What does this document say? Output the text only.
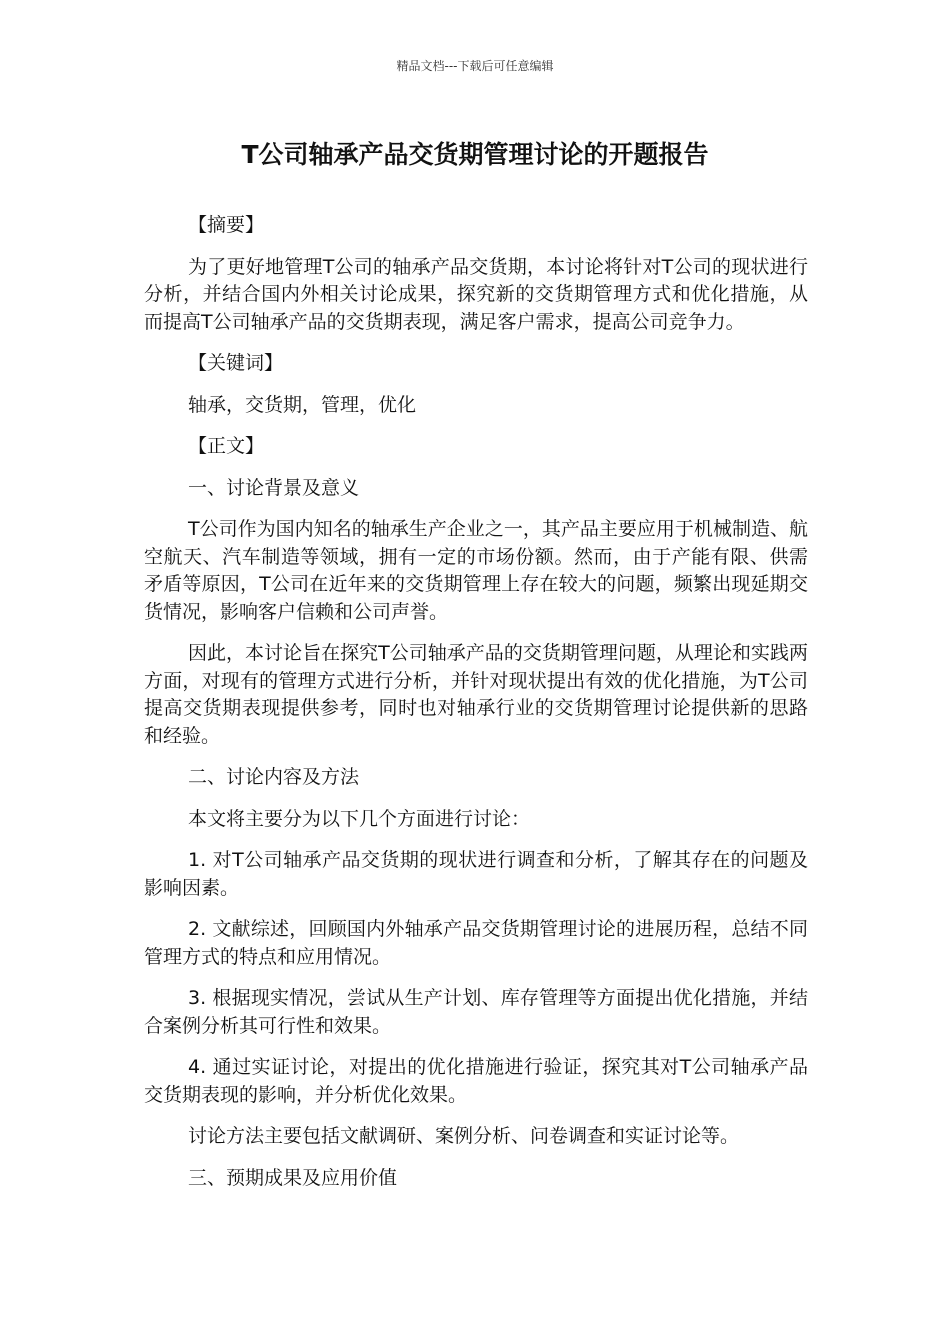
精品文档---下载后可任意编辑
T公司轴承产品交货期管理讨论的开题报告
【摘要】
为了更好地管理T公司的轴承产品交货期，本讨论将针对T公司的现状进行分析，并结合国内外相关讨论成果，探究新的交货期管理方式和优化措施，从而提高T公司轴承产品的交货期表现，满足客户需求，提高公司竞争力。
【关键词】
轴承，交货期，管理，优化
【正文】
一、讨论背景及意义
T公司作为国内知名的轴承生产企业之一，其产品主要应用于机械制造、航空航天、汽车制造等领域，拥有一定的市场份额。然而，由于产能有限、供需矛盾等原因，T公司在近年来的交货期管理上存在较大的问题，频繁出现延期交货情况，影响客户信赖和公司声誉。
因此，本讨论旨在探究T公司轴承产品的交货期管理问题，从理论和实践两方面，对现有的管理方式进行分析，并针对现状提出有效的优化措施，为T公司提高交货期表现提供参考，同时也对轴承行业的交货期管理讨论提供新的思路和经验。
二、讨论内容及方法
本文将主要分为以下几个方面进行讨论：
1. 对T公司轴承产品交货期的现状进行调查和分析，了解其存在的问题及影响因素。
2. 文献综述，回顾国内外轴承产品交货期管理讨论的进展历程，总结不同管理方式的特点和应用情况。
3. 根据现实情况，尝试从生产计划、库存管理等方面提出优化措施，并结合案例分析其可行性和效果。
4. 通过实证讨论，对提出的优化措施进行验证，探究其对T公司轴承产品交货期表现的影响，并分析优化效果。
讨论方法主要包括文献调研、案例分析、问卷调查和实证讨论等。
三、预期成果及应用价值
